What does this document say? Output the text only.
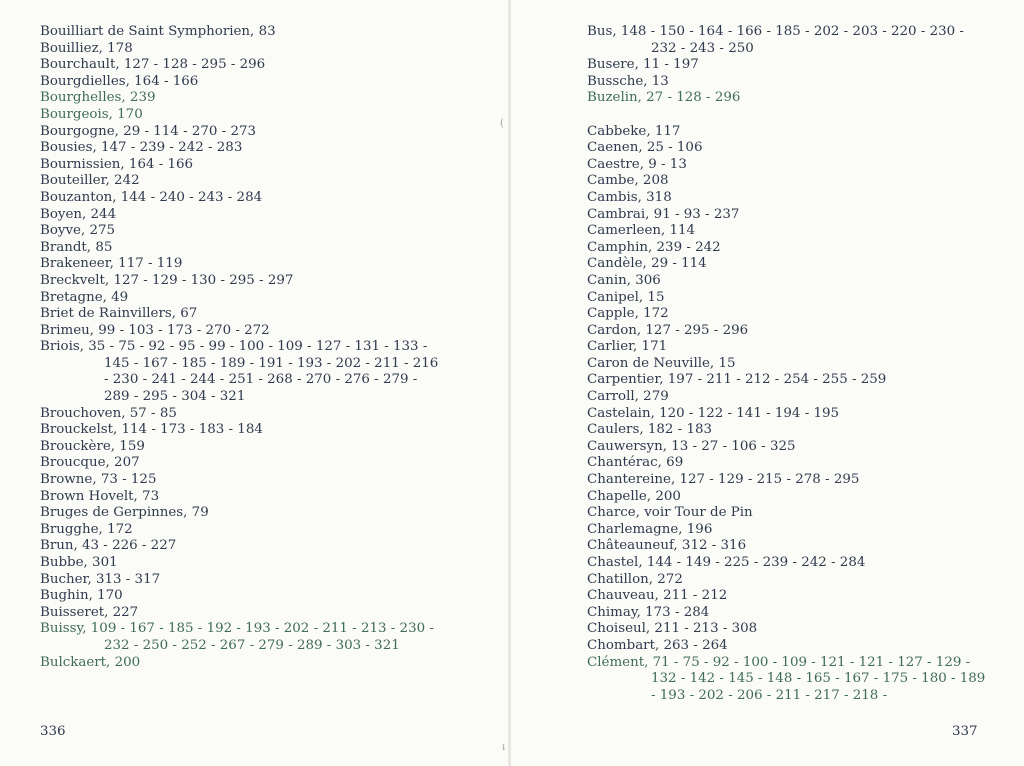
Bouilliart de Saint Symphorien, 83
Bouilliez, 178
Bourchault, 127 - 128 - 295 - 296
Bourgdielles, 164 - 166
Bourghelles, 239
Bourgeois, 170
Bourgogne, 29 - 114 - 270 - 273
Bousies, 147 - 239 - 242 - 283
Bournissien, 164 - 166
Bouteiller, 242
Bouzanton, 144 - 240 - 243 - 284
Boyen, 244
Boyve, 275
Brandt, 85
Brakeneer, 117 - 119
Breckvelt, 127 - 129 - 130 - 295 - 297
Bretagne, 49
Briet de Rainvillers, 67
Brimeu, 99 - 103 - 173 - 270 - 272
Briois, 35 - 75 - 92 - 95 - 99 - 100 - 109 - 127 - 131 - 133 - 145 - 167 - 185 - 189 - 191 - 193 - 202 - 211 - 216 - 230 - 241 - 244 - 251 - 268 - 270 - 276 - 279 - 289 - 295 - 304 - 321
Brouchoven, 57 - 85
Brouckelst, 114 - 173 - 183 - 184
Brouckère, 159
Broucque, 207
Browne, 73 - 125
Brown Hovelt, 73
Bruges de Gerpinnes, 79
Brugghe, 172
Brun, 43 - 226 - 227
Bubbe, 301
Bucher, 313 - 317
Bughin, 170
Buisseret, 227
Buissy, 109 - 167 - 185 - 192 - 193 - 202 - 211 - 213 - 230 - 232 - 250 - 252 - 267 - 279 - 289 - 303 - 321
Bulckaert, 200
336
(
ı
Bus, 148 - 150 - 164 - 166 - 185 - 202 - 203 - 220 - 230 - 232 - 243 - 250
Busere, 11 - 197
Bussche, 13
Buzelin, 27 - 128 - 296
Cabbeke, 117
Caenen, 25 - 106
Caestre, 9 - 13
Cambe, 208
Cambis, 318
Cambrai, 91 - 93 - 237
Camerleen, 114
Camphin, 239 - 242
Candèle, 29 - 114
Canin, 306
Canipel, 15
Capple, 172
Cardon, 127 - 295 - 296
Carlier, 171
Caron de Neuville, 15
Carpentier, 197 - 211 - 212 - 254 - 255 - 259
Carroll, 279
Castelain, 120 - 122 - 141 - 194 - 195
Caulers, 182 - 183
Cauwersyn, 13 - 27 - 106 - 325
Chantérac, 69
Chantereine, 127 - 129 - 215 - 278 - 295
Chapelle, 200
Charce, voir Tour de Pin
Charlemagne, 196
Châteauneuf, 312 - 316
Chastel, 144 - 149 - 225 - 239 - 242 - 284
Chatillon, 272
Chauveau, 211 - 212
Chimay, 173 - 284
Choiseul, 211 - 213 - 308
Chombart, 263 - 264
Clément, 71 - 75 - 92 - 100 - 109 - 121 - 121 - 127 - 129 - 132 - 142 - 145 - 148 - 165 - 167 - 175 - 180 - 189 - 193 - 202 - 206 - 211 - 217 - 218 -
337
